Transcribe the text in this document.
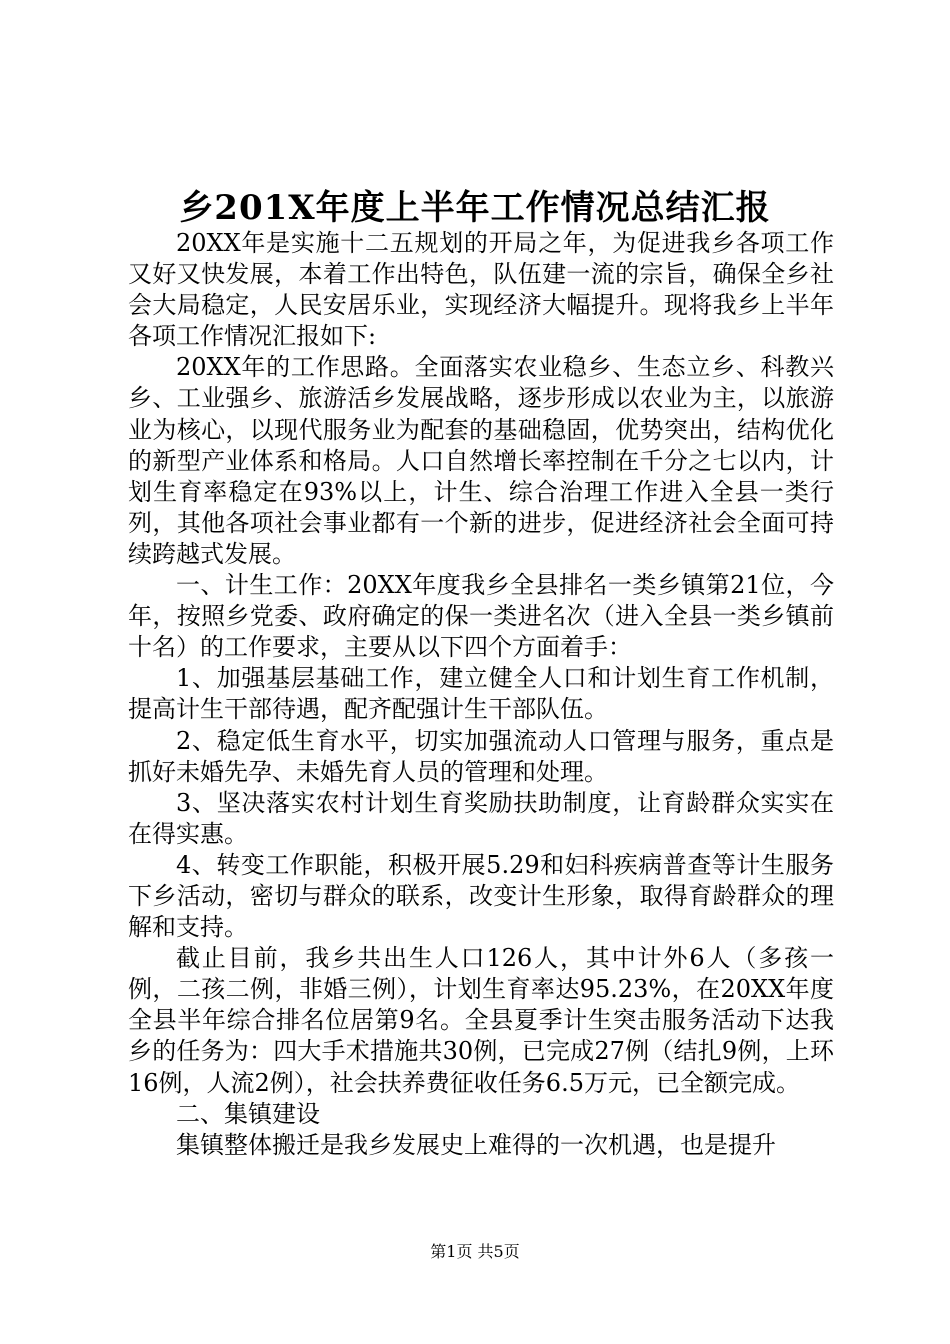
乡201X年度上半年工作情况总结汇报

20XX年是实施十二五规划的开局之年，为促进我乡各项工作又好又快发展，本着工作出特色，队伍建一流的宗旨，确保全乡社会大局稳定，人民安居乐业，实现经济大幅提升。现将我乡上半年各项工作情况汇报如下:

20XX年的工作思路。全面落实农业稳乡、生态立乡、科教兴乡、工业强乡、旅游活乡发展战略，逐步形成以农业为主，以旅游业为核心，以现代服务业为配套的基础稳固，优势突出，结构优化的新型产业体系和格局。人口自然增长率控制在千分之七以内，计划生育率稳定在93%以上，计生、综合治理工作进入全县一类行列，其他各项社会事业都有一个新的进步，促进经济社会全面可持续跨越式发展。

一、计生工作：20XX年度我乡全县排名一类乡镇第21位，今年，按照乡党委、政府确定的保一类进名次（进入全县一类乡镇前十名）的工作要求，主要从以下四个方面着手：

1、加强基层基础工作，建立健全人口和计划生育工作机制，提高计生干部待遇，配齐配强计生干部队伍。

2、稳定低生育水平，切实加强流动人口管理与服务，重点是抓好未婚先孕、未婚先育人员的管理和处理。

3、坚决落实农村计划生育奖励扶助制度，让育龄群众实实在在得实惠。

4、转变工作职能，积极开展5.29和妇科疾病普查等计生服务下乡活动，密切与群众的联系，改变计生形象，取得育龄群众的理解和支持。

截止目前，我乡共出生人口126人，其中计外6人（多孩一例，二孩二例，非婚三例），计划生育率达95.23%，在20XX年度全县半年综合排名位居第9名。全县夏季计生突击服务活动下达我乡的任务为：四大手术措施共30例，已完成27例（结扎9例，上环16例，人流2例），社会扶养费征收任务6.5万元，已全额完成。

二、集镇建设

集镇整体搬迁是我乡发展史上难得的一次机遇，也是提升

第1页 共5页
